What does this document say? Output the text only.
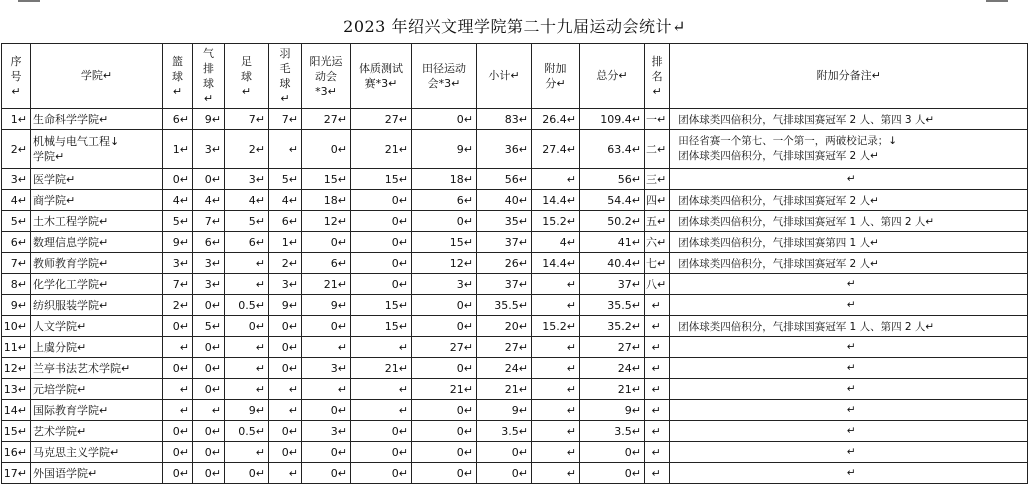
2023 年绍兴文理学院第二十九届运动会统计↵
序号↵	学院↵	篮球↵	气排球↵	足球↵	羽毛球↵	阳光运动会*3↵	体质测试赛*3↵	田径运动会*3↵	小计↵	附加分↵	总分↵	排名↵	附加分备注↵
1↵	生命科学学院↵	6↵	9↵	7↵	7↵	27↵	27↵	0↵	83↵	26.4↵	109.4↵	一↵	团体球类四倍积分，气排球国赛冠军 2 人、第四 3 人↵
2↵	机械与电气工程↓
学院↵	1↵	3↵	2↵	↵	0↵	21↵	9↵	36↵	27.4↵	63.4↵	二↵	田径省赛一个第七、一个第一，两破校记录；↓
团体球类四倍积分，气排球国赛冠军 2 人↵
3↵	医学院↵	0↵	0↵	3↵	5↵	15↵	15↵	18↵	56↵	↵	56↵	三↵	↵
4↵	商学院↵	4↵	4↵	4↵	4↵	18↵	0↵	6↵	40↵	14.4↵	54.4↵	四↵	团体球类四倍积分，气排球国赛冠军 2 人↵
5↵	土木工程学院↵	5↵	7↵	5↵	6↵	12↵	0↵	0↵	35↵	15.2↵	50.2↵	五↵	团体球类四倍积分，气排球国赛冠军 1 人、第四 2 人↵
6↵	数理信息学院↵	9↵	6↵	6↵	1↵	0↵	0↵	15↵	37↵	4↵	41↵	六↵	团体球类四倍积分，气排球国赛第四 1 人↵
7↵	教师教育学院↵	3↵	3↵	↵	2↵	6↵	0↵	12↵	26↵	14.4↵	40.4↵	七↵	团体球类四倍积分，气排球国赛冠军 2 人↵
8↵	化学化工学院↵	7↵	3↵	↵	3↵	21↵	0↵	3↵	37↵	↵	37↵	八↵	↵
9↵	纺织服装学院↵	2↵	0↵	0.5↵	9↵	9↵	15↵	0↵	35.5↵	↵	35.5↵	↵	↵
10↵	人文学院↵	0↵	5↵	0↵	0↵	0↵	15↵	0↵	20↵	15.2↵	35.2↵	↵	团体球类四倍积分，气排球国赛冠军 1 人、第四 2 人↵
11↵	上虞分院↵	↵	0↵	↵	0↵	↵	↵	27↵	27↵	↵	27↵	↵	↵
12↵	兰亭书法艺术学院↵	0↵	0↵	↵	0↵	3↵	21↵	0↵	24↵	↵	24↵	↵	↵
13↵	元培学院↵	↵	0↵	↵	↵	↵	↵	21↵	21↵	↵	21↵	↵	↵
14↵	国际教育学院↵	↵	↵	9↵	↵	0↵	↵	0↵	9↵	↵	9↵	↵	↵
15↵	艺术学院↵	0↵	0↵	0.5↵	0↵	3↵	0↵	0↵	3.5↵	↵	3.5↵	↵	↵
16↵	马克思主义学院↵	0↵	0↵	↵	0↵	0↵	0↵	0↵	0↵	↵	0↵	↵	↵
17↵	外国语学院↵	0↵	0↵	0↵	↵	0↵	0↵	0↵	0↵	↵	0↵	↵	↵
